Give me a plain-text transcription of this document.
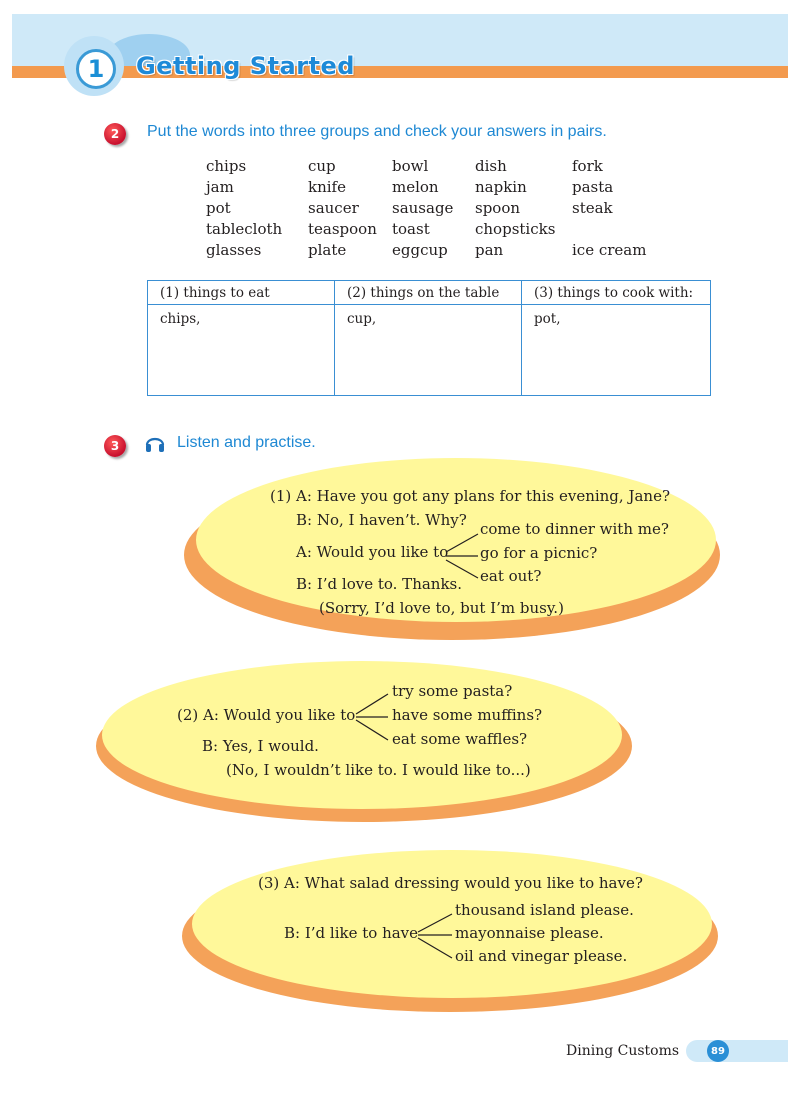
1	Getting Started
2	Put the words into three groups and check your answers in pairs.
chips	cup	bowl	dish	fork
jam	knife	melon	napkin	pasta
pot	saucer	sausage	spoon	steak
tablecloth	teaspoon	toast	chopsticks
glasses	plate	eggcup	pan	ice cream
(1) things to eat	(2) things on the table	(3) things to cook with:
chips,	cup,	pot,
3	Listen and practise.
(1) A: Have you got any plans for this evening, Jane?
B: No, I haven’t. Why?
A: Would you like to
come to dinner with me?
go for a picnic?
eat out?
B: I’d love to. Thanks.
(Sorry, I’d love to, but I’m busy.)
(2) A: Would you like to
try some pasta?
have some muffins?
eat some waffles?
B: Yes, I would.
(No, I wouldn’t like to. I would like to...)
(3) A: What salad dressing would you like to have?
B: I’d like to have
thousand island please.
mayonnaise please.
oil and vinegar please.
Dining Customs	89
